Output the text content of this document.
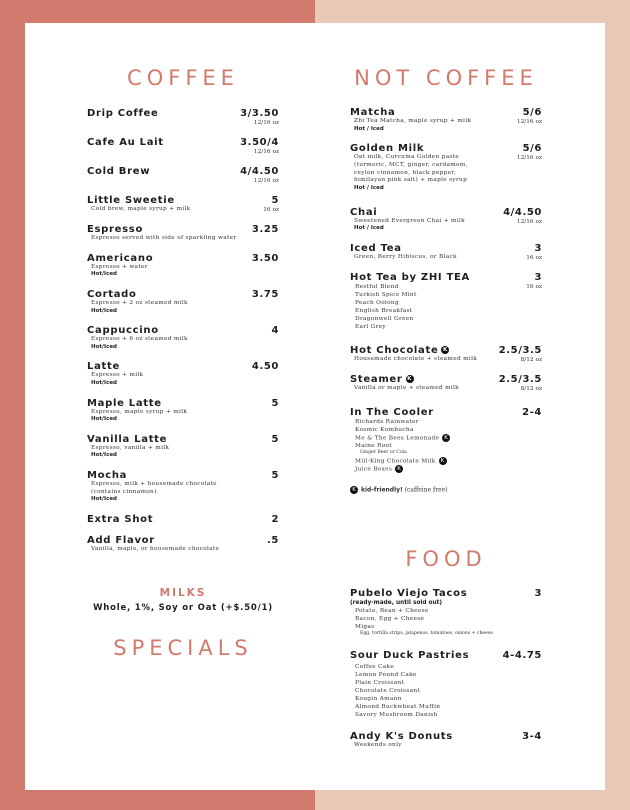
COFFEE
Drip Coffee	3/3.50
12/16 oz
Cafe Au Lait	3.50/4
12/16 oz
Cold Brew	4/4.50
12/16 oz
Little Sweetie	5
Cold brew, maple syrup + milk	16 oz
Espresso	3.25
Espresso served with side of sparkling water
Americano	3.50
Espresso + water
Hot/Iced
Cortado	3.75
Espresso + 2 oz steamed milk
Hot/Iced
Cappuccino	4
Espresso + 6 oz steamed milk
Hot/Iced
Latte	4.50
Espresso + milk
Hot/Iced
Maple Latte	5
Espresso, maple syrup + milk
Hot/Iced
Vanilla Latte	5
Espresso, vanilla + milk
Hot/Iced
Mocha	5
Espresso, milk + housemade chocolate
(contains cinnamon)
Hot/Iced
Extra Shot	2
Add Flavor	.5
Vanilla, maple, or housemade chocolate
MILKS
Whole, 1%, Soy or Oat (+$.50/1)
SPECIALS
NOT COFFEE
Matcha	5/6
Zhi Tea Matcha, maple syrup + milk
Hot / Iced
12/16 oz
Golden Milk	5/6
Oat milk, Curcuma Golden paste
(turmeric, MCT, ginger, cardamom,
ceylon cinnamon, black pepper,
himilayan pink salt) + maple syrup
Hot / Iced
12/16 oz
Chai	4/4.50
Sweetened Evergreen Chai + milk
Hot / Iced
12/16 oz
Iced Tea	3
Green, Berry Hibiscus, or Black	16 oz
Hot Tea by ZHI TEA	3
Restful Blend
Turkish Spice Mint
Peach Oolong
English Breakfast
Dragonwell Green
Earl Grey
16 oz
Hot Chocolate K	2.5/3.5
Housemade chocolate + steamed milk	8/12 oz
Steamer K	2.5/3.5
Vanilla or maple + steamed milk	8/12 oz
In The Cooler	2-4
Richards Rainwater
Kosmic Kombucha
Me & The Bees Lemonade K
Maine Root
Ginger Beer or Cola
Mill-King Chocolate Milk K
Juice Boxes K
K kid-friendly! (caffeine free)
FOOD
Pubelo Viejo Tacos	3
(ready-made, until sold out)
Potato, Bean + Cheese
Bacon, Egg + Cheese
Migas
Egg, tortilla strips, jalapenos, tomatoes, onions + cheese
Sour Duck Pastries	4-4.75
Coffee Cake
Lemon Pound Cake
Plain Croissant
Chocolate Croissant
Kougin Amann
Almond Buckwheat Muffin
Savory Mushroom Danish
Andy K's Donuts	3-4
Weekends only
